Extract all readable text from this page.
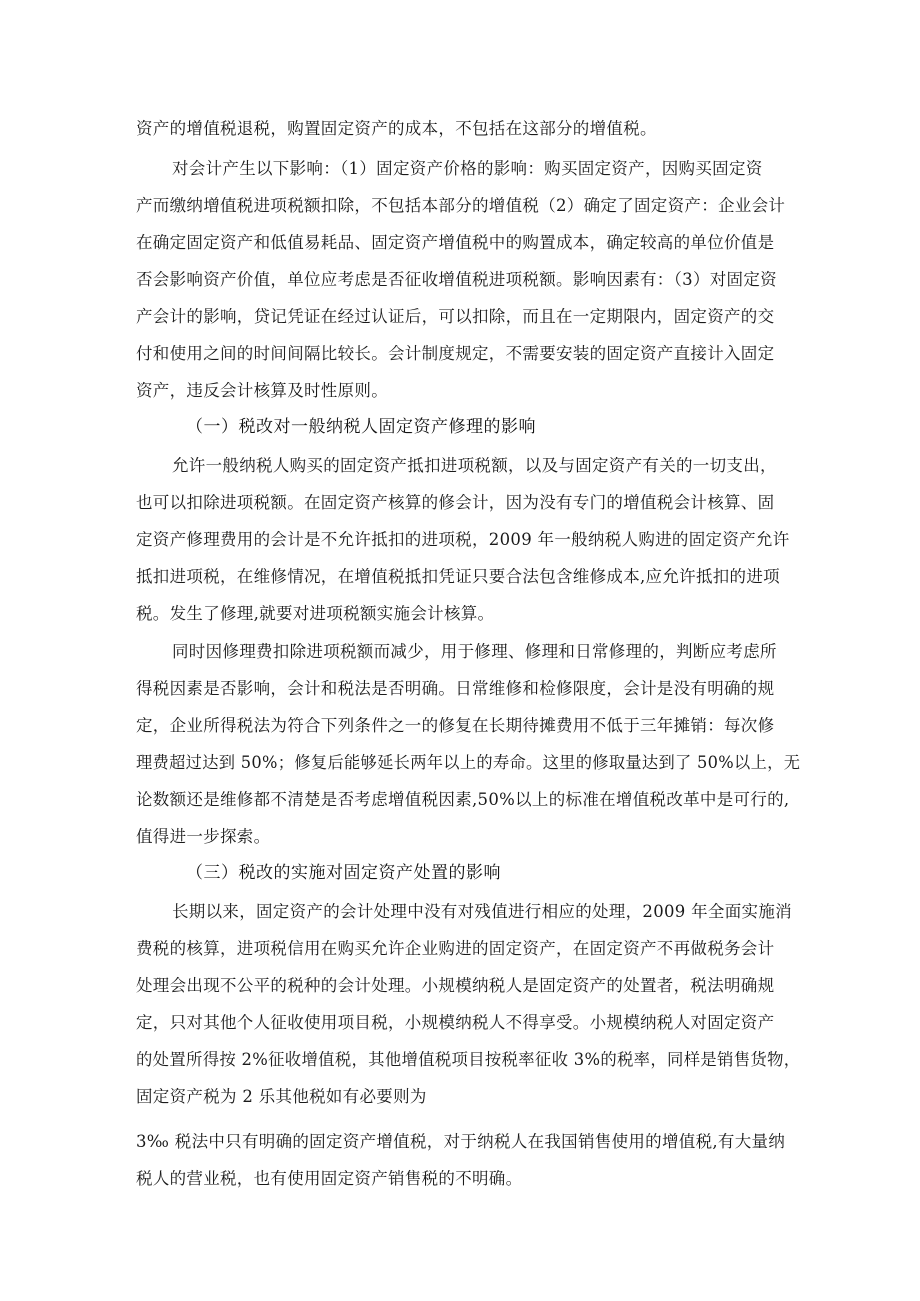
资产的增值税退税，购置固定资产的成本，不包括在这部分的增值税。
对会计产生以下影响：（1）固定资产价格的影响：购买固定资产，因购买固定资
产而缴纳增值税进项税额扣除，不包括本部分的增值税（2）确定了固定资产：企业会计
在确定固定资产和低值易耗品、固定资产增值税中的购置成本，确定较高的单位价值是
否会影响资产价值，单位应考虑是否征收增值税进项税额。影响因素有：（3）对固定资
产会计的影响，贷记凭证在经过认证后，可以扣除，而且在一定期限内，固定资产的交
付和使用之间的时间间隔比较长。会计制度规定，不需要安装的固定资产直接计入固定
资产，违反会计核算及时性原则。
（一）税改对一般纳税人固定资产修理的影响
允许一般纳税人购买的固定资产抵扣进项税额，以及与固定资产有关的一切支出，
也可以扣除进项税额。在固定资产核算的修会计，因为没有专门的增值税会计核算、固
定资产修理费用的会计是不允许抵扣的进项税，2009 年一般纳税人购进的固定资产允许
抵扣进项税，在维修情况，在增值税抵扣凭证只要合法包含维修成本,应允许抵扣的进项
税。发生了修理,就要对进项税额实施会计核算。
同时因修理费扣除进项税额而减少，用于修理、修理和日常修理的，判断应考虑所
得税因素是否影响，会计和税法是否明确。日常维修和检修限度，会计是没有明确的规
定，企业所得税法为符合下列条件之一的修复在长期待摊费用不低于三年摊销：每次修
理费超过达到 50%；修复后能够延长两年以上的寿命。这里的修取量达到了 50%以上，无
论数额还是维修都不清楚是否考虑增值税因素,50%以上的标准在增值税改革中是可行的,
值得进一步探索。
（三）税改的实施对固定资产处置的影响
长期以来，固定资产的会计处理中没有对残值进行相应的处理，2009 年全面实施消
费税的核算，进项税信用在购买允许企业购进的固定资产，在固定资产不再做税务会计
处理会出现不公平的税种的会计处理。小规模纳税人是固定资产的处置者，税法明确规
定，只对其他个人征收使用项目税，小规模纳税人不得享受。小规模纳税人对固定资产
的处置所得按 2%征收增值税，其他增值税项目按税率征收 3%的税率，同样是销售货物，
固定资产税为 2 乐其他税如有必要则为
3‰ 税法中只有明确的固定资产增值税，对于纳税人在我国销售使用的增值税,有大量纳
税人的营业税，也有使用固定资产销售税的不明确。
